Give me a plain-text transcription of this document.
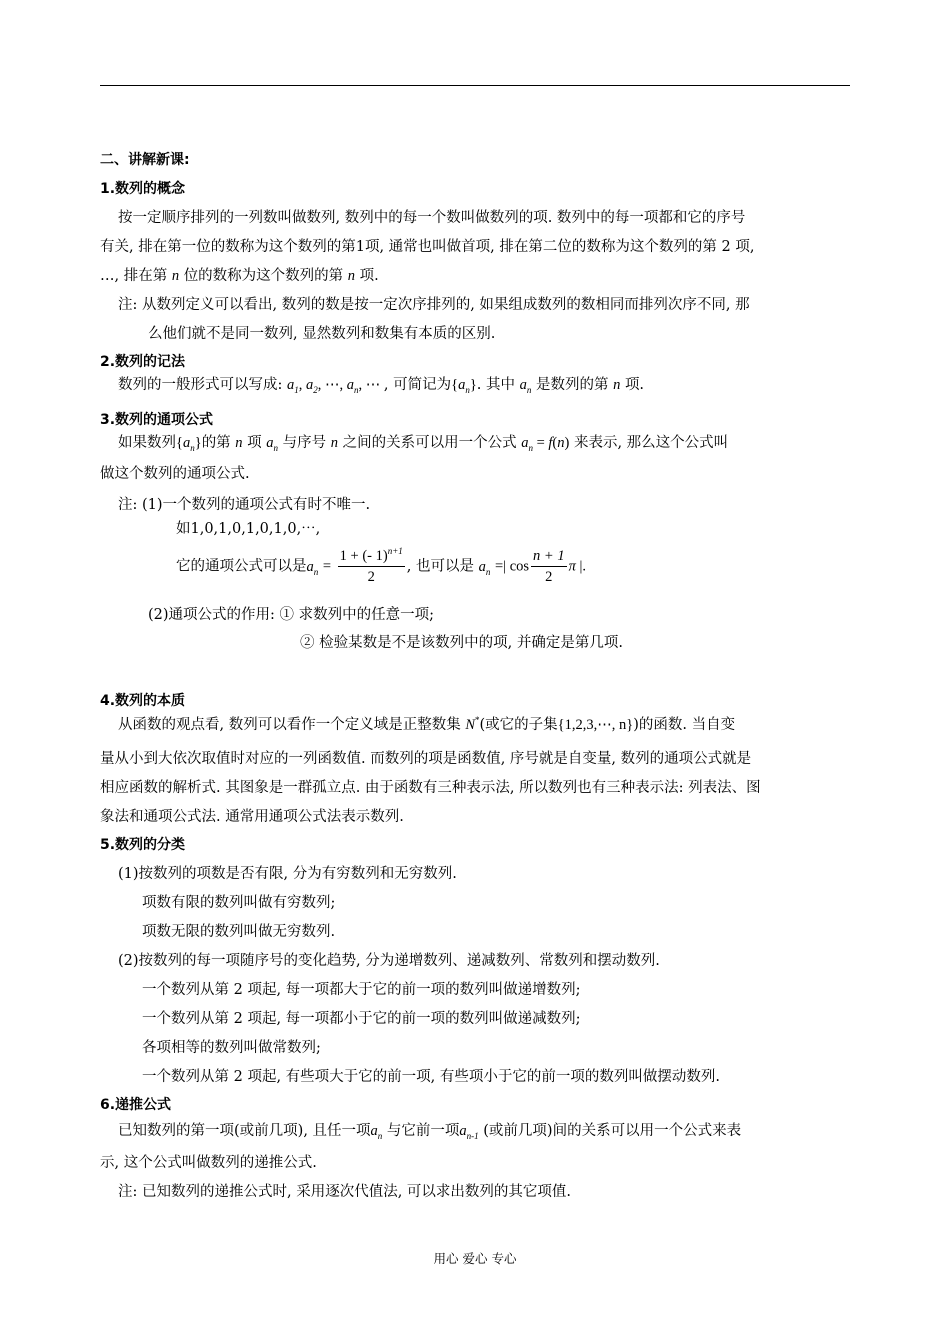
二、讲解新课:
1.数列的概念
按一定顺序排列的一列数叫做数列, 数列中的每一个数叫做数列的项. 数列中的每一项都和它的序号
有关, 排在第一位的数称为这个数列的第1项, 通常也叫做首项, 排在第二位的数称为这个数列的第 2 项,
…, 排在第 n 位的数称为这个数列的第 n 项.
注: 从数列定义可以看出, 数列的数是按一定次序排列的, 如果组成数列的数相同而排列次序不同, 那
么他们就不是同一数列, 显然数列和数集有本质的区别.
2.数列的记法
数列的一般形式可以写成: $a_1$, $a_2$, ⋯, $a_n$, ⋯ , 可简记为$\{a_n\}$. 其中 $a_n$ 是数列的第 n 项.
3.数列的通项公式
如果数列$\{a_n\}$的第 n 项 $a_n$ 与序号 n 之间的关系可以用一个公式 $a_n = f(n)$ 来表示, 那么这个公式叫
做这个数列的通项公式.
注: (1)一个数列的通项公式有时不唯一.
如1,0,1,0,1,0,1,0,⋯,
它的通项公式可以是$a_n = \frac{1 + (- 1)^{n+1}}{2}$ , 也可以是 $a_n$ =| $\cos \frac{n + 1}{2}$ π |.
(2)通项公式的作用: ① 求数列中的任意一项;
② 检验某数是不是该数列中的项, 并确定是第几项.
4.数列的本质
从函数的观点看, 数列可以看作一个定义域是正整数集 N*(或它的子集{1,2,3,⋯, n})的函数. 当自变
量从小到大依次取值时对应的一列函数值. 而数列的项是函数值, 序号就是自变量, 数列的通项公式就是
相应函数的解析式. 其图象是一群孤立点. 由于函数有三种表示法, 所以数列也有三种表示法: 列表法、图
象法和通项公式法. 通常用通项公式法表示数列.
5.数列的分类
(1)按数列的项数是否有限, 分为有穷数列和无穷数列.
项数有限的数列叫做有穷数列;
项数无限的数列叫做无穷数列.
(2)按数列的每一项随序号的变化趋势, 分为递增数列、递减数列、常数列和摆动数列.
一个数列从第 2 项起, 每一项都大于它的前一项的数列叫做递增数列;
一个数列从第 2 项起, 每一项都小于它的前一项的数列叫做递减数列;
各项相等的数列叫做常数列;
一个数列从第 2 项起, 有些项大于它的前一项, 有些项小于它的前一项的数列叫做摆动数列.
6.递推公式
已知数列的第一项(或前几项), 且任一项$a_n$ 与它前一项$a_{n-1}$ (或前几项)间的关系可以用一个公式来表
示, 这个公式叫做数列的递推公式.
注: 已知数列的递推公式时, 采用逐次代值法, 可以求出数列的其它项值.
用心 爱心 专心
